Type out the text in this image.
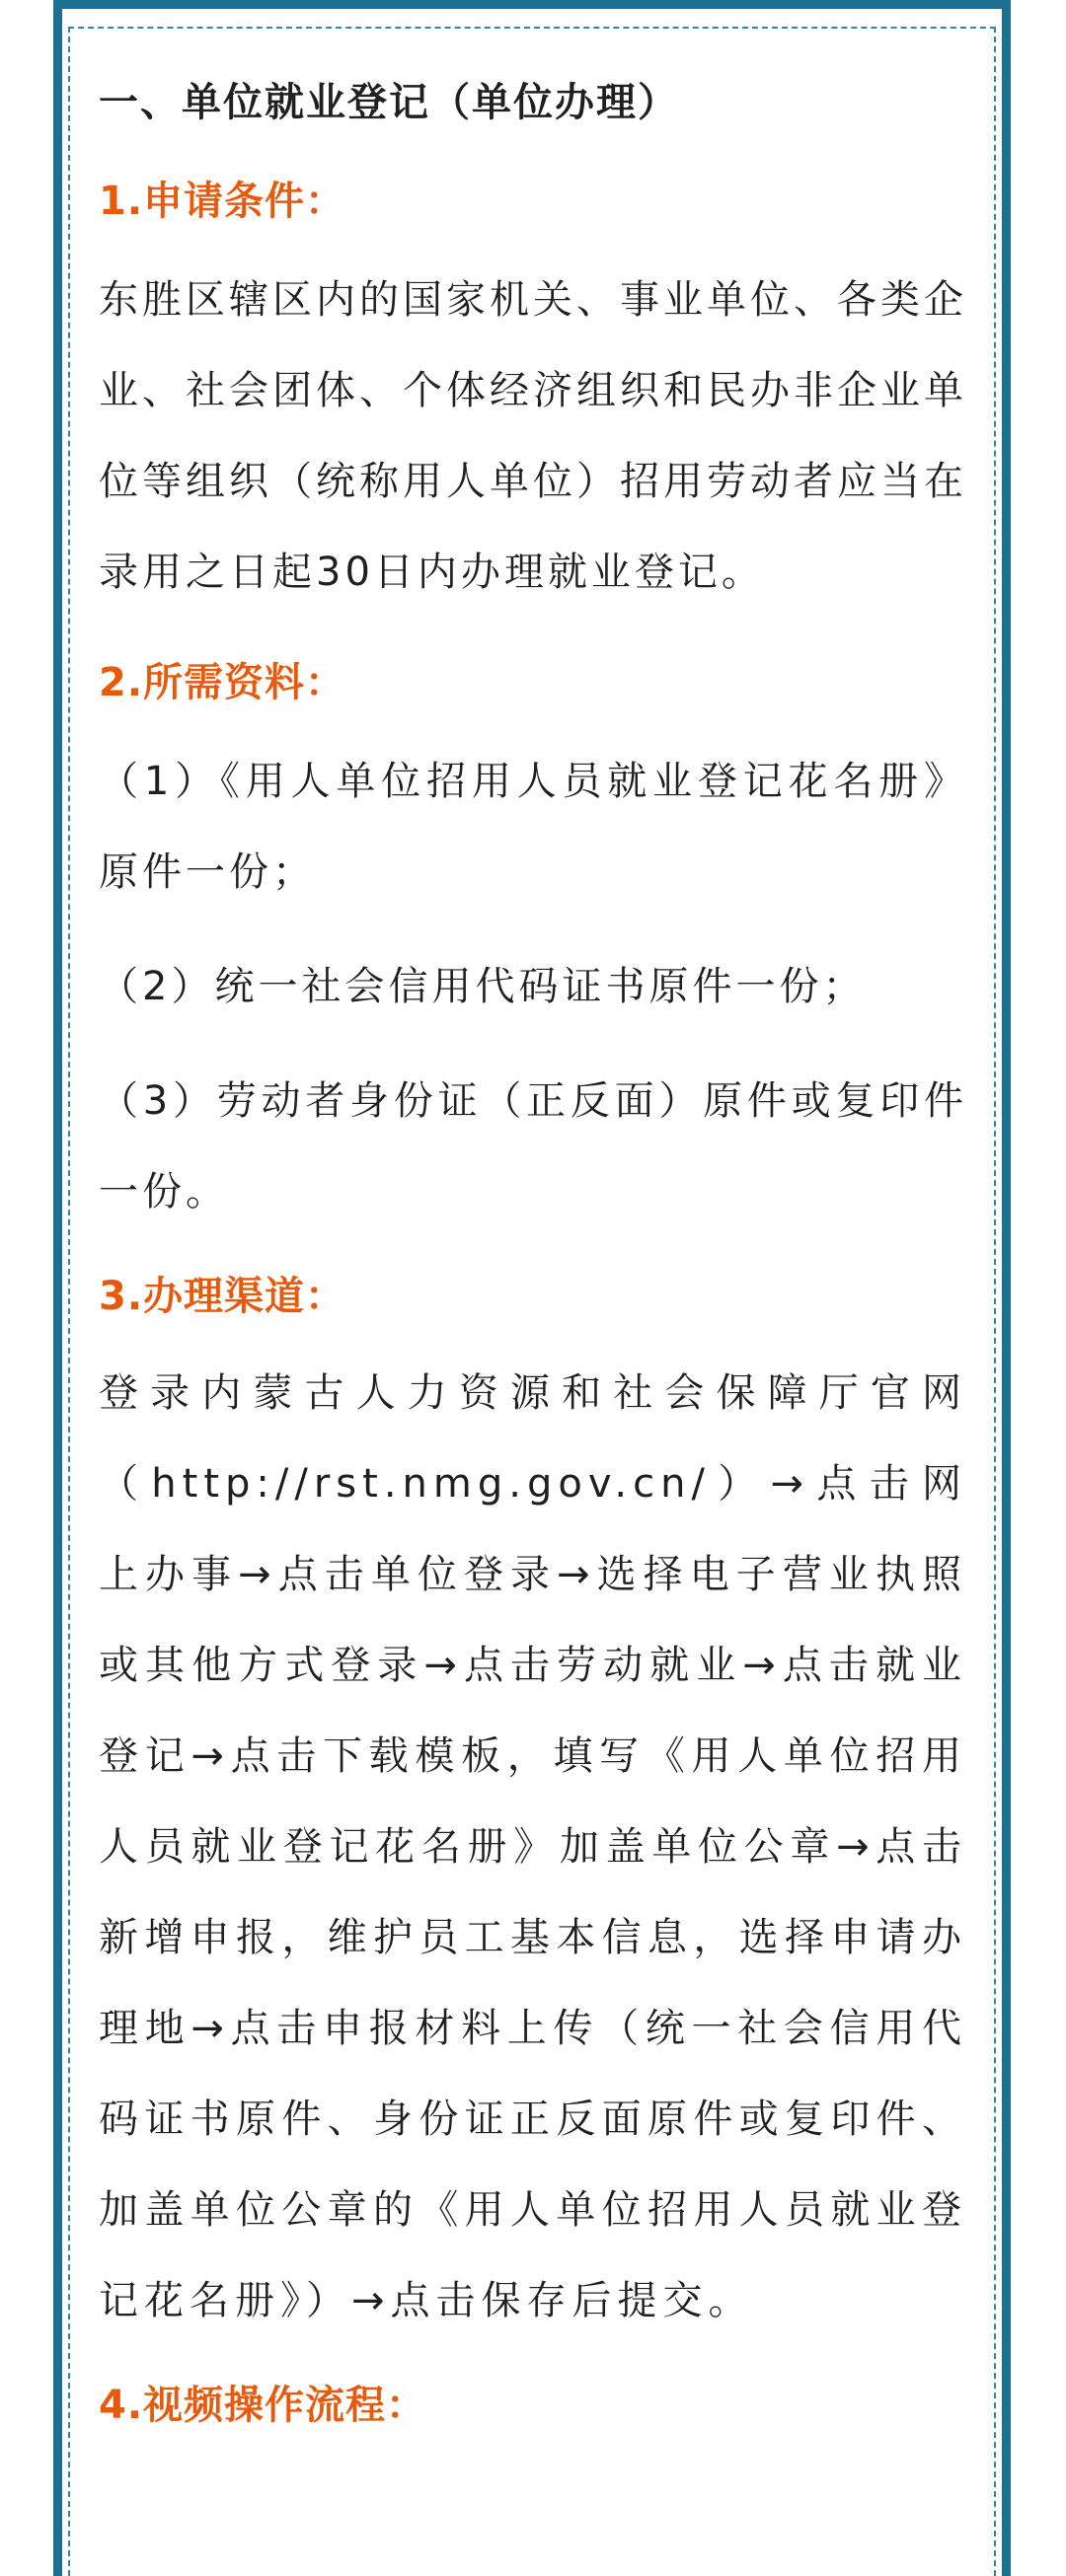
一、单位就业登记（单位办理）
1.申请条件：

东胜区辖区内的国家机关、事业单位、各类企业、社会团体、个体经济组织和民办非企业单位等组织（统称用人单位）招用劳动者应当在录用之日起30日内办理就业登记。

2.所需资料：

（1）《用人单位招用人员就业登记花名册》原件一份；

（2）统一社会信用代码证书原件一份；

（3）劳动者身份证（正反面）原件或复印件一份。

3.办理渠道：

登录内蒙古人力资源和社会保障厅官网（http://rst.nmg.gov.cn/）→点击网上办事→点击单位登录→选择电子营业执照或其他方式登录→点击劳动就业→点击就业登记→点击下载模板，填写《用人单位招用人员就业登记花名册》加盖单位公章→点击新增申报，维护员工基本信息，选择申请办理地→点击申报材料上传（统一社会信用代码证书原件、身份证正反面原件或复印件、加盖单位公章的《用人单位招用人员就业登记花名册》）→点击保存后提交。

4.视频操作流程：
